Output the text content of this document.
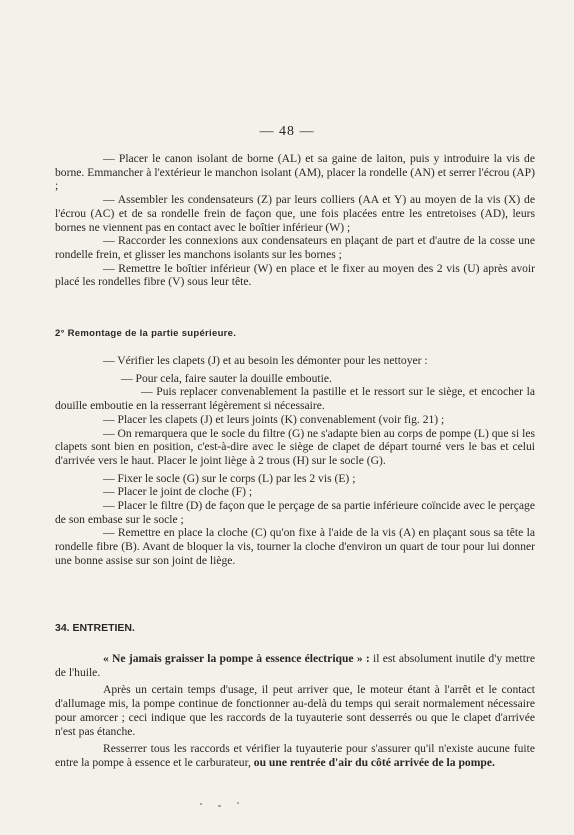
— 48 —

— Placer le canon isolant de borne (AL) et sa gaine de laiton, puis y introduire la vis de borne. Emmancher à l'extérieur le manchon isolant (AM), placer la rondelle (AN) et serrer l'écrou (AP) ;

— Assembler les condensateurs (Z) par leurs colliers (AA et Y) au moyen de la vis (X) de l'écrou (AC) et de sa rondelle frein de façon que, une fois placées entre les entretoises (AD), leurs bornes ne viennent pas en contact avec le boîtier inférieur (W) ;

— Raccorder les connexions aux condensateurs en plaçant de part et d'autre de la cosse une rondelle frein, et glisser les manchons isolants sur les bornes ;

— Remettre le boîtier inférieur (W) en place et le fixer au moyen des 2 vis (U) après avoir placé les rondelles fibre (V) sous leur tête.

2° Remontage de la partie supérieure.

— Vérifier les clapets (J) et au besoin les démonter pour les nettoyer :

— Pour cela, faire sauter la douille emboutie.

— Puis replacer convenablement la pastille et le ressort sur le siège, et encocher la douille emboutie en la resserrant légèrement si nécessaire.

— Placer les clapets (J) et leurs joints (K) convenablement (voir fig. 21) ;

— On remarquera que le socle du filtre (G) ne s'adapte bien au corps de pompe (L) que si les clapets sont bien en position, c'est-à-dire avec le siège de clapet de départ tourné vers le bas et celui d'arrivée vers le haut. Placer le joint liège à 2 trous (H) sur le socle (G).

— Fixer le socle (G) sur le corps (L) par les 2 vis (E) ;

— Placer le joint de cloche (F) ;

— Placer le filtre (D) de façon que le perçage de sa partie inférieure coïncide avec le perçage de son embase sur le socle ;

— Remettre en place la cloche (C) qu'on fixe à l'aide de la vis (A) en plaçant sous sa tête la rondelle fibre (B). Avant de bloquer la vis, tourner la cloche d'environ un quart de tour pour lui donner une bonne assise sur son joint de liège.

34. ENTRETIEN.

« Ne jamais graisser la pompe à essence électrique » : il est absolument inutile d'y mettre de l'huile.

Après un certain temps d'usage, il peut arriver que, le moteur étant à l'arrêt et le contact d'allumage mis, la pompe continue de fonctionner au-delà du temps qui serait normalement nécessaire pour amorcer ; ceci indique que les raccords de la tuyauterie sont desserrés ou que le clapet d'arrivée n'est pas étanche.

Resserrer tous les raccords et vérifier la tuyauterie pour s'assurer qu'il n'existe aucune fuite entre la pompe à essence et le carburateur, ou une rentrée d'air du côté arrivée de la pompe.
